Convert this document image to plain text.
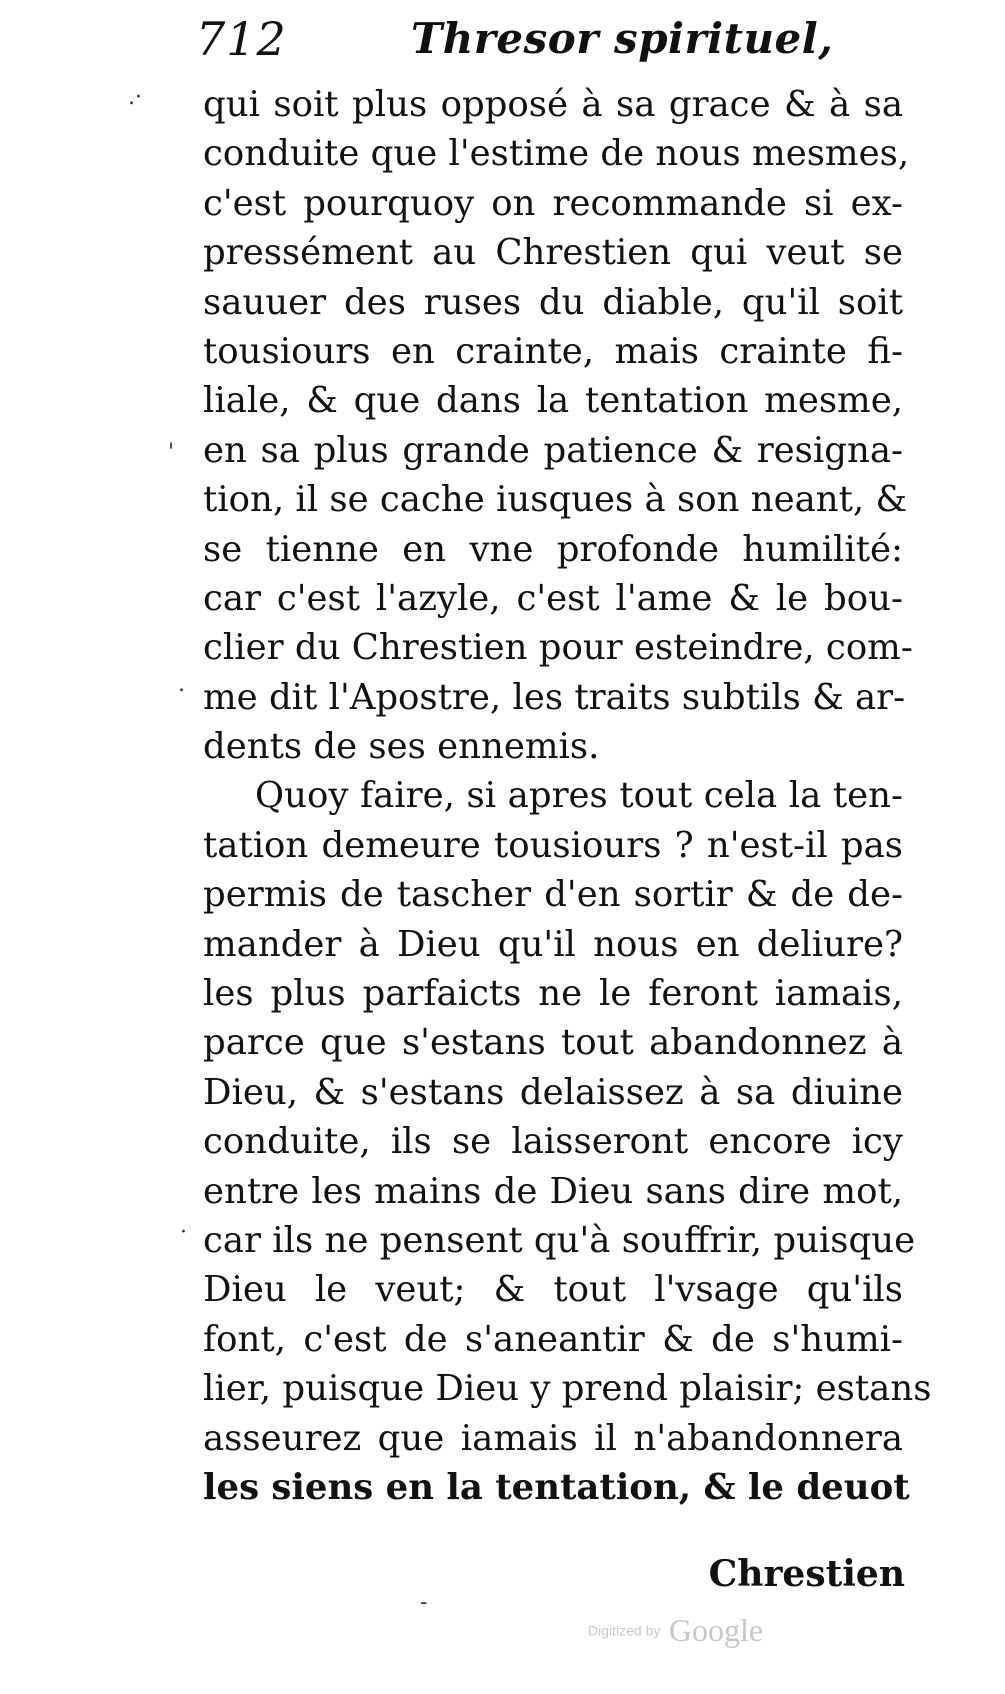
712	Thresor spirituel,
qui soit plus opposé à sa grace & à sa
conduite que l'estime de nous mesmes,
c'est pourquoy on recommande si ex-
pressément au Chrestien qui veut se
sauuer des ruses du diable, qu'il soit
tousiours en crainte, mais crainte fi-
liale, & que dans la tentation mesme,
en sa plus grande patience & resigna-
tion, il se cache iusques à son neant, &
se tienne en vne profonde humilité:
car c'est l'azyle, c'est l'ame & le bou-
clier du Chrestien pour esteindre, com-
me dit l'Apostre, les traits subtils & ar-
dents de ses ennemis.
Quoy faire, si apres tout cela la ten-
tation demeure tousiours ? n'est-il pas
permis de tascher d'en sortir & de de-
mander à Dieu qu'il nous en deliure?
les plus parfaicts ne le feront iamais,
parce que s'estans tout abandonnez à
Dieu, & s'estans delaissez à sa diuine
conduite, ils se laisseront encore icy
entre les mains de Dieu sans dire mot,
car ils ne pensent qu'à souffrir, puisque
Dieu le veut; & tout l'vsage qu'ils
font, c'est de s'aneantir & de s'humi-
lier, puisque Dieu y prend plaisir; estans
asseurez que iamais il n'abandonnera
les siens en la tentation, & le deuot
Chrestien
.·
'
.
·
-
Digitized by Google
